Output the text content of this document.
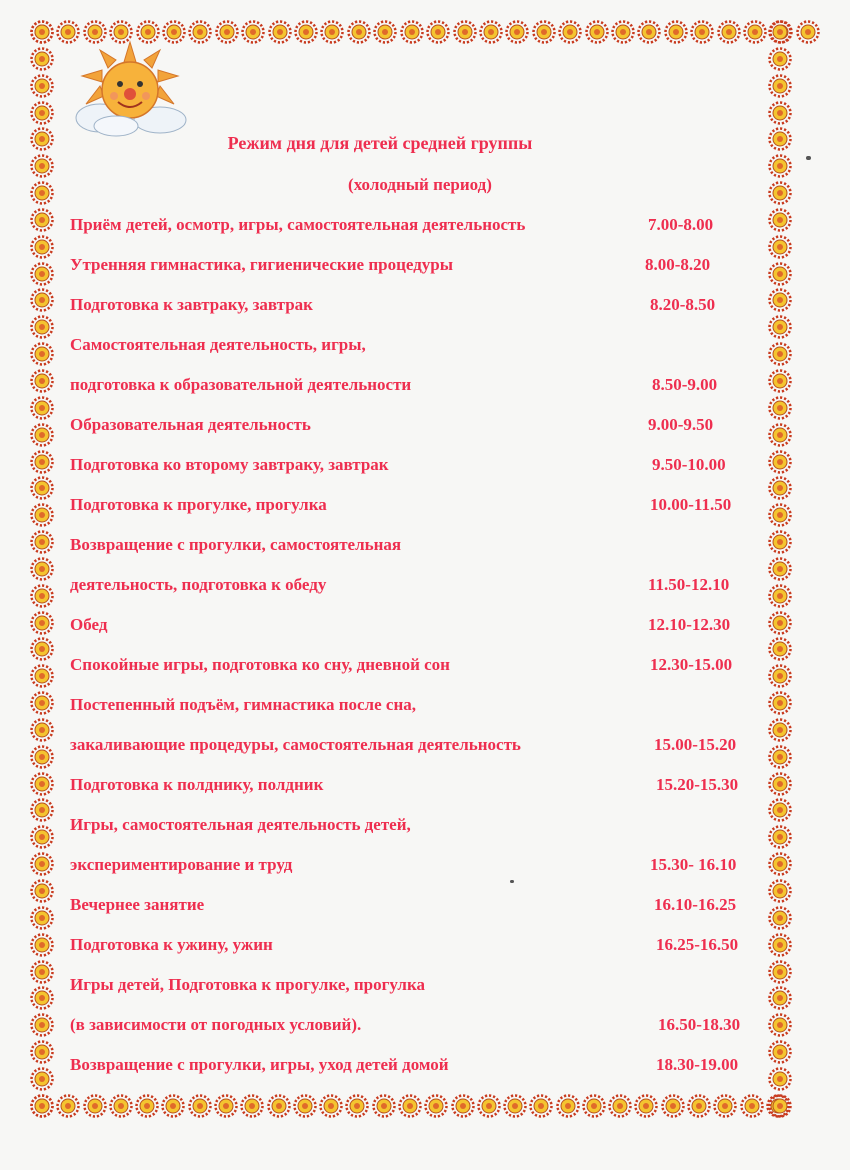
Режим дня для детей средней группы
(холодный период)
Приём детей, осмотр, игры, самостоятельная деятельность	7.00-8.00
Утренняя гимнастика, гигиенические процедуры	8.00-8.20
Подготовка к завтраку, завтрак	8.20-8.50
Самостоятельная деятельность, игры,
подготовка к образовательной деятельности	8.50-9.00
Образовательная деятельность	9.00-9.50
Подготовка ко второму завтраку, завтрак	9.50-10.00
Подготовка к прогулке, прогулка	10.00-11.50
Возвращение с прогулки, самостоятельная
деятельность, подготовка к обеду	11.50-12.10
Обед	12.10-12.30
Спокойные игры, подготовка ко сну, дневной сон	12.30-15.00
Постепенный подъём, гимнастика после сна,
закаливающие процедуры, самостоятельная деятельность	15.00-15.20
Подготовка к полднику, полдник	15.20-15.30
Игры, самостоятельная деятельность детей,
экспериментирование и труд	15.30- 16.10
Вечернее занятие	16.10-16.25
Подготовка к ужину, ужин	16.25-16.50
Игры детей, Подготовка к прогулке, прогулка
(в зависимости от погодных условий).	16.50-18.30
Возвращение с прогулки, игры, уход детей домой	18.30-19.00
